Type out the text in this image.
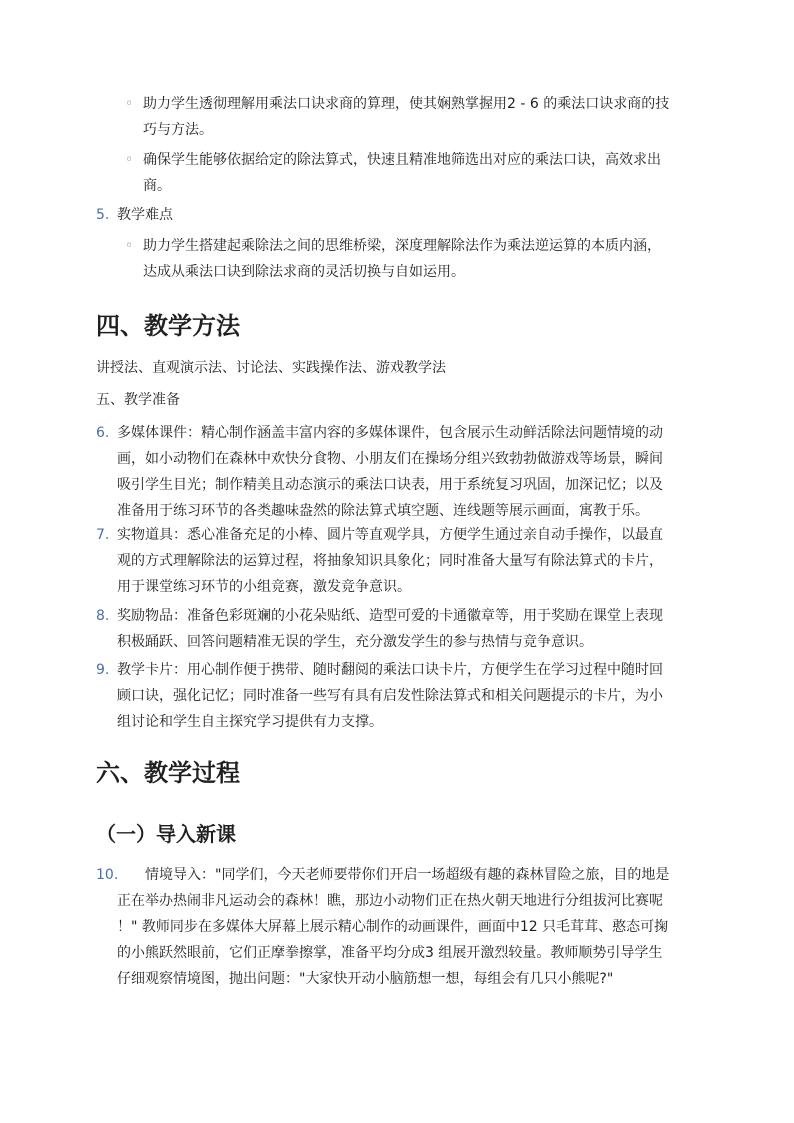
◦ 助力学生透彻理解用乘法口诀求商的算理，使其娴熟掌握用2 - 6 的乘法口诀求商的技
巧与方法。
◦ 确保学生能够依据给定的除法算式，快速且精准地筛选出对应的乘法口诀，高效求出
商。
5. 教学难点
◦ 助力学生搭建起乘除法之间的思维桥梁，深度理解除法作为乘法逆运算的本质内涵，
达成从乘法口诀到除法求商的灵活切换与自如运用。
四、教学方法
讲授法、直观演示法、讨论法、实践操作法、游戏教学法
五、教学准备
6. 多媒体课件：精心制作涵盖丰富内容的多媒体课件，包含展示生动鲜活除法问题情境的动
画，如小动物们在森林中欢快分食物、小朋友们在操场分组兴致勃勃做游戏等场景，瞬间
吸引学生目光；制作精美且动态演示的乘法口诀表，用于系统复习巩固，加深记忆；以及
准备用于练习环节的各类趣味盎然的除法算式填空题、连线题等展示画面，寓教于乐。
7. 实物道具：悉心准备充足的小棒、圆片等直观学具，方便学生通过亲自动手操作，以最直
观的方式理解除法的运算过程，将抽象知识具象化；同时准备大量写有除法算式的卡片，
用于课堂练习环节的小组竞赛，激发竞争意识。
8. 奖励物品：准备色彩斑斓的小花朵贴纸、造型可爱的卡通徽章等，用于奖励在课堂上表现
积极踊跃、回答问题精准无误的学生，充分激发学生的参与热情与竞争意识。
9. 教学卡片：用心制作便于携带、随时翻阅的乘法口诀卡片，方便学生在学习过程中随时回
顾口诀，强化记忆；同时准备一些写有具有启发性除法算式和相关问题提示的卡片，为小
组讨论和学生自主探究学习提供有力支撑。
六、教学过程
（一）导入新课
10.	情境导入："同学们，今天老师要带你们开启一场超级有趣的森林冒险之旅，目的地是
正在举办热闹非凡运动会的森林！瞧，那边小动物们正在热火朝天地进行分组拔河比赛呢
！" 教师同步在多媒体大屏幕上展示精心制作的动画课件，画面中12 只毛茸茸、憨态可掬
的小熊跃然眼前，它们正摩拳擦掌，准备平均分成3 组展开激烈较量。教师顺势引导学生
仔细观察情境图，抛出问题："大家快开动小脑筋想一想，每组会有几只小熊呢?"
